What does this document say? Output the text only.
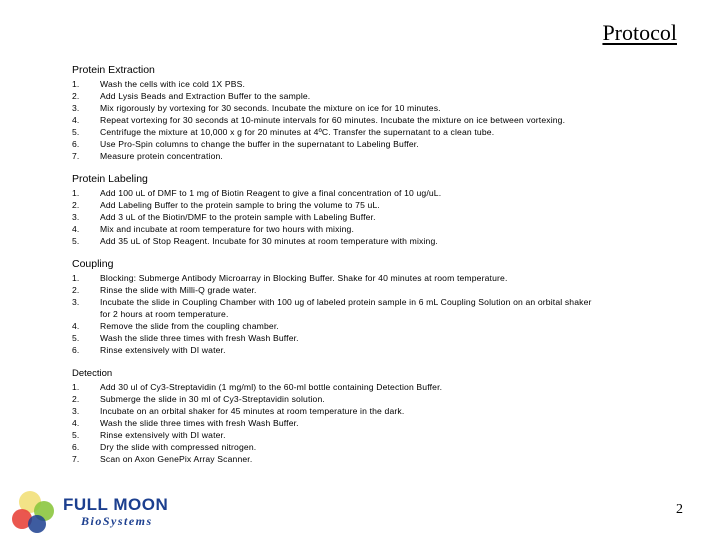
Protocol
Protein Extraction
1.	Wash the cells with ice cold 1X PBS.
2.	Add Lysis Beads and Extraction Buffer to the sample.
3.	Mix rigorously by vortexing for 30 seconds. Incubate the mixture on ice for 10 minutes.
4.	Repeat vortexing for 30 seconds at 10-minute intervals for 60 minutes. Incubate the mixture on ice between vortexing.
5.	Centrifuge the mixture at 10,000 x g for 20 minutes at 4ºC. Transfer the supernatant to a clean tube.
6.	Use Pro-Spin columns to change the buffer in the supernatant to Labeling Buffer.
7.	Measure protein concentration.
Protein Labeling
1.	Add 100 uL of DMF to 1 mg of Biotin Reagent to give a final concentration of 10 ug/uL.
2.	Add Labeling Buffer to the protein sample to bring the volume to 75 uL.
3.	Add 3 uL of the Biotin/DMF to the protein sample with Labeling Buffer.
4.	Mix and incubate at room temperature for two hours with mixing.
5.	Add 35 uL of Stop Reagent. Incubate for 30 minutes at room temperature with mixing.
Coupling
1.	Blocking: Submerge Antibody Microarray in Blocking Buffer. Shake for 40 minutes at room temperature.
2.	Rinse the slide with Milli-Q grade water.
3.	Incubate the slide in Coupling Chamber with 100 ug of labeled protein sample in 6 mL Coupling Solution on an orbital shaker
for 2 hours at room temperature.
4.	Remove the slide from the coupling chamber.
5.	Wash the slide three times with fresh Wash Buffer.
6.	Rinse extensively with DI water.
Detection
1.	Add 30 ul of Cy3-Streptavidin (1 mg/ml) to the 60-ml bottle containing Detection Buffer.
2.	Submerge the slide in 30 ml of Cy3-Streptavidin solution.
3.	Incubate on an orbital shaker for 45 minutes at room temperature in the dark.
4.	Wash the slide three times with fresh Wash Buffer.
5.	Rinse extensively with DI water.
6.	Dry the slide with compressed nitrogen.
7.	Scan on Axon GenePix Array Scanner.
FULL MOON
BioSystems
2
